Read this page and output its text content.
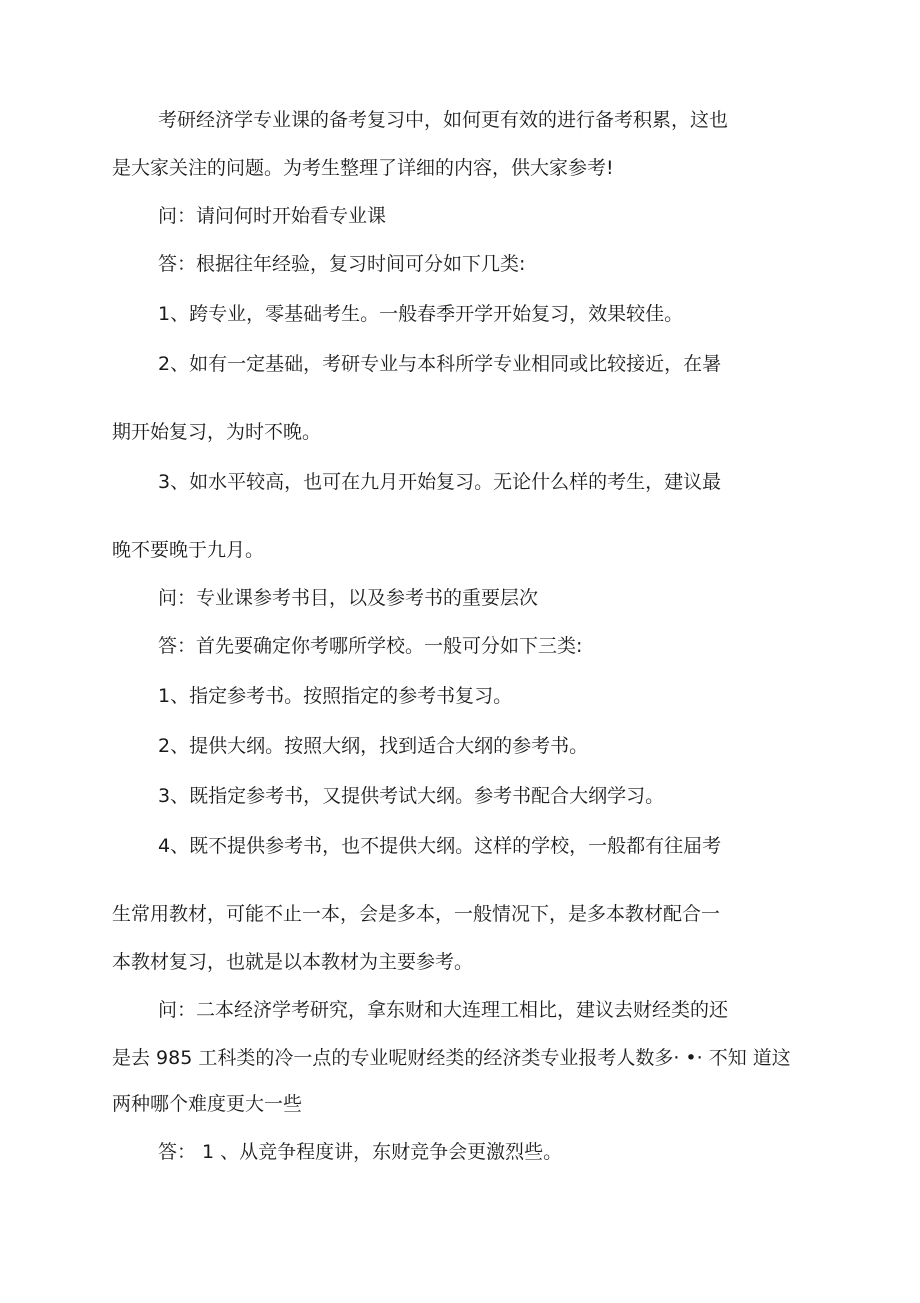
考研经济学专业课的备考复习中，如何更有效的进行备考积累，这也

是大家关注的问题。为考生整理了详细的内容，供大家参考!

问：请问何时开始看专业课

答：根据往年经验，复习时间可分如下几类:

1、跨专业，零基础考生。一般春季开学开始复习，效果较佳。

2、如有一定基础，考研专业与本科所学专业相同或比较接近，在暑

期开始复习，为时不晚。

3、如水平较高，也可在九月开始复习。无论什么样的考生，建议最

晚不要晚于九月。

问：专业课参考书目，以及参考书的重要层次

答：首先要确定你考哪所学校。一般可分如下三类:

1、指定参考书。按照指定的参考书复习。

2、提供大纲。按照大纲，找到适合大纲的参考书。

3、既指定参考书，又提供考试大纲。参考书配合大纲学习。

4、既不提供参考书，也不提供大纲。这样的学校，一般都有往届考

生常用教材，可能不止一本，会是多本，一般情况下，是多本教材配合一

本教材复习，也就是以本教材为主要参考。

问：二本经济学考研究，拿东财和大连理工相比，建议去财经类的还

是去 985 工科类的冷一点的专业呢财经类的经济类专业报考人数多· •· 不知 道这

两种哪个难度更大一些

答： 1 、从竞争程度讲，东财竞争会更激烈些。
